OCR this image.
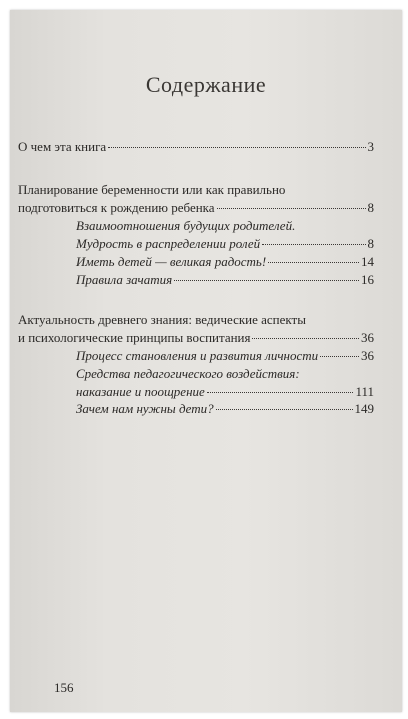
Содержание
О чем эта книга	3
Планирование беременности или как правильно
подготовиться к рождению ребенка	8
Взаимоотношения будущих родителей.
Мудрость в распределении ролей	8
Иметь детей — великая радость!	14
Правила зачатия	16
Актуальность древнего знания: ведические аспекты
и психологические принципы воспитания	36
Процесс становления и развития личности	36
Средства педагогического воздействия:
наказание и поощрение	111
Зачем нам нужны дети?	149
156
